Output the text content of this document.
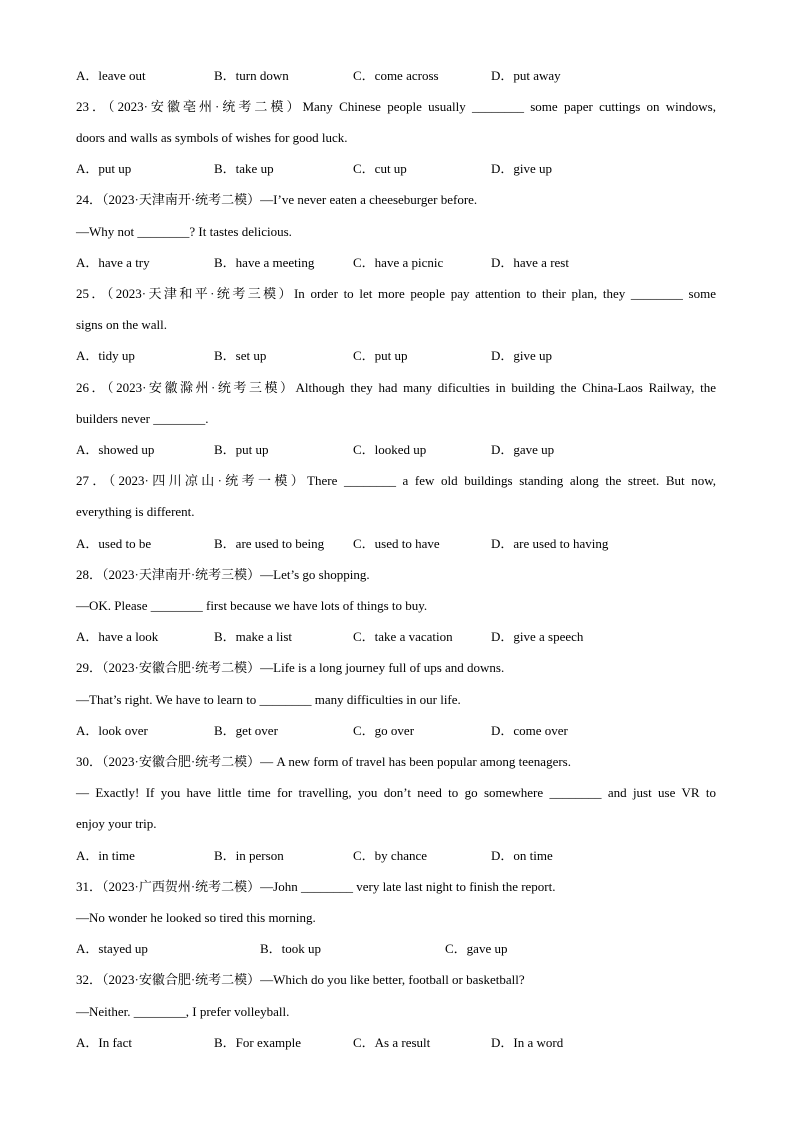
A．leave out	B．turn down	C．come across	D．put away
23．（2023·安徽亳州·统考二模）Many Chinese people usually ________ some paper cuttings on windows,
doors and walls as symbols of wishes for good luck.
A．put up	B．take up	C．cut up	D．give up
24．（2023·天津南开·统考二模）—I’ve never eaten a cheeseburger before.
—Why not ________? It tastes delicious.
A．have a try	B．have a meeting	C．have a picnic	D．have a rest
25．（2023·天津和平·统考三模）In order to let more people pay attention to their plan, they ________ some
signs on the wall.
A．tidy up	B．set up	C．put up	D．give up
26．（2023·安徽滁州·统考三模）Although they had many dificulties in building the China-Laos Railway, the
builders never ________.
A．showed up	B．put up	C．looked up	D．gave up
27．（2023·四川凉山·统考一模）There ________ a few old buildings standing along the street. But now,
everything is different.
A．used to be	B．are used to being C．used to have	D．are used to having
28．（2023·天津南开·统考三模）—Let’s go shopping.
—OK. Please ________ first because we have lots of things to buy.
A．have a look	B．make a list	C．take a vacation	D．give a speech
29．（2023·安徽合肥·统考二模）—Life is a long journey full of ups and downs.
—That’s right. We have to learn to ________ many difficulties in our life.
A．look over	B．get over	C．go over	D．come over
30．（2023·安徽合肥·统考二模）— A new form of travel has been popular among teenagers.
— Exactly! If you have little time for travelling, you don’t need to go somewhere ________ and just use VR to
enjoy your trip.
A．in time	B．in person	C．by chance	D．on time
31．（2023·广西贺州·统考二模）—John ________ very late last night to finish the report.
—No wonder he looked so tired this morning.
A．stayed up	B．took up	C．gave up
32．（2023·安徽合肥·统考二模）—Which do you like better, football or basketball?
—Neither. ________, I prefer volleyball.
A．In fact	B．For example	C．As a result	D．In a word
